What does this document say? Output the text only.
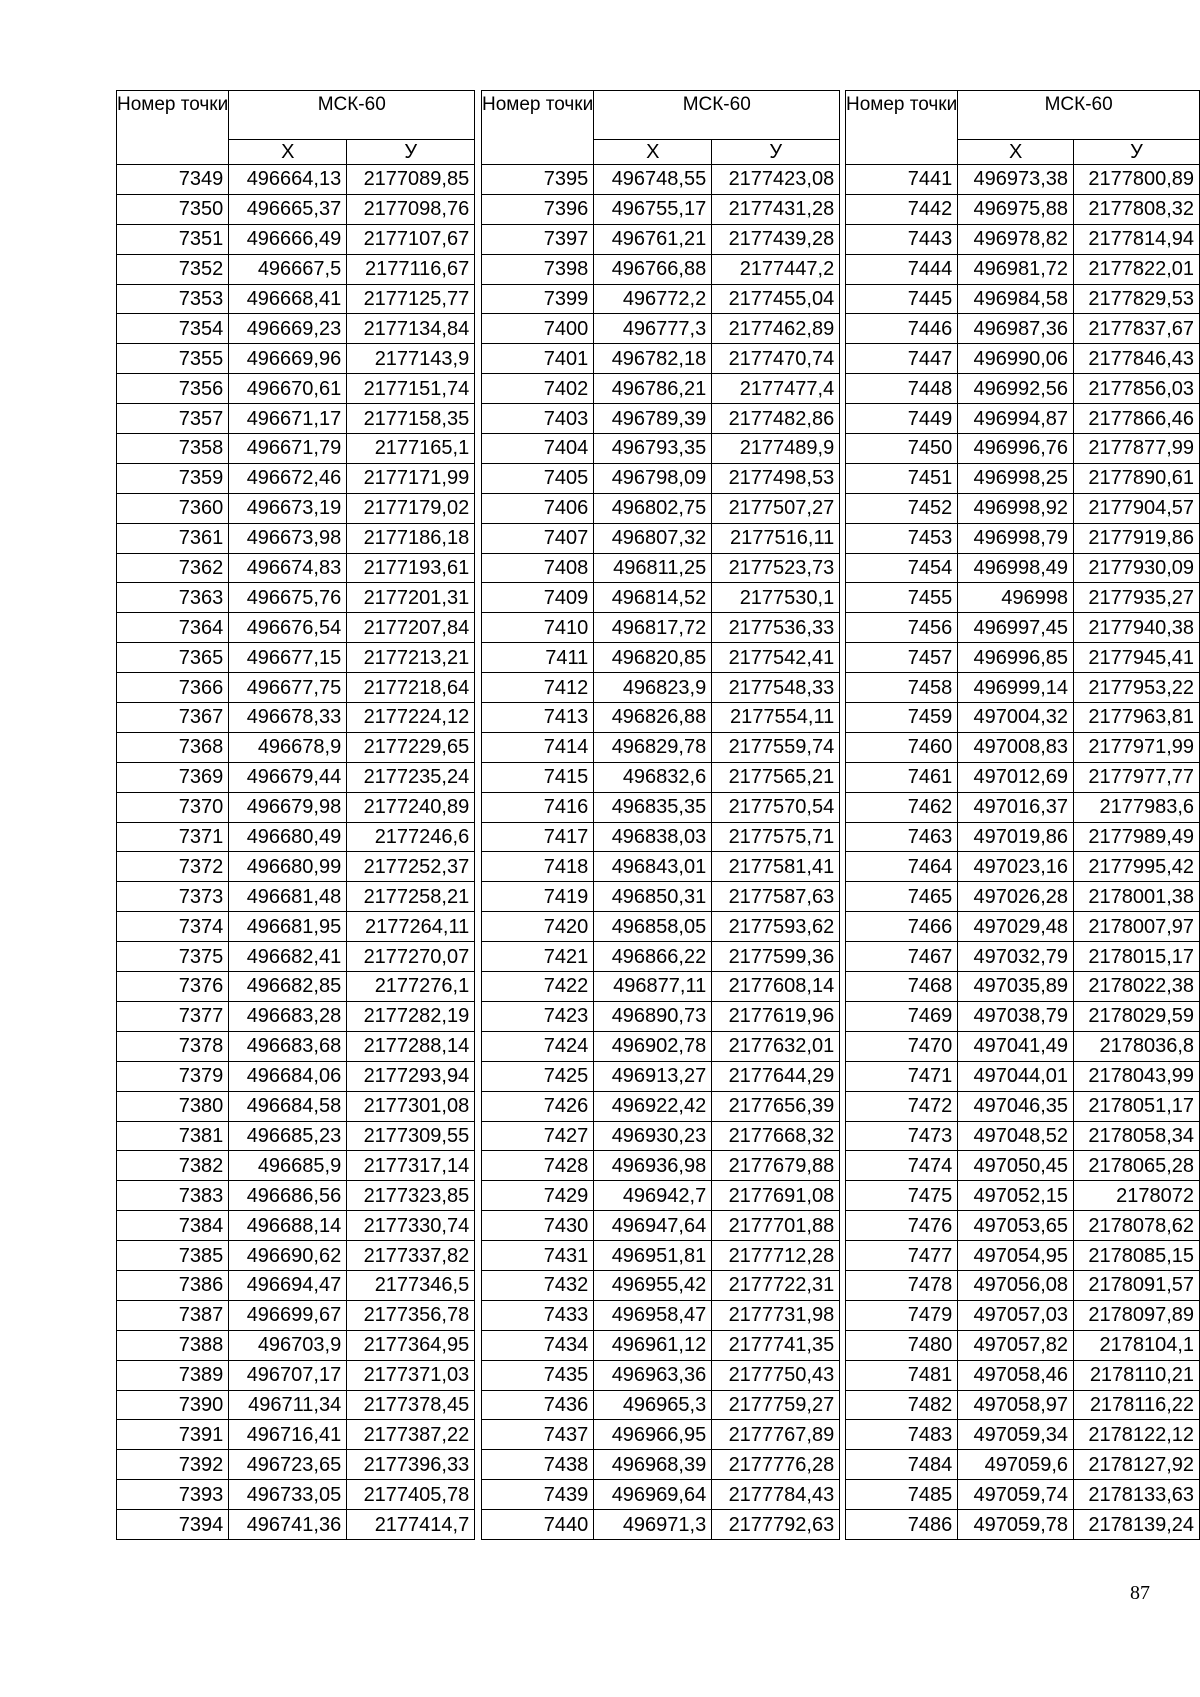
Номер точки	МСК-60	
	X	У
7349	496664,13	2177089,85
7350	496665,37	2177098,76
7351	496666,49	2177107,67
7352	496667,5	2177116,67
7353	496668,41	2177125,77
7354	496669,23	2177134,84
7355	496669,96	2177143,9
7356	496670,61	2177151,74
7357	496671,17	2177158,35
7358	496671,79	2177165,1
7359	496672,46	2177171,99
7360	496673,19	2177179,02
7361	496673,98	2177186,18
7362	496674,83	2177193,61
7363	496675,76	2177201,31
7364	496676,54	2177207,84
7365	496677,15	2177213,21
7366	496677,75	2177218,64
7367	496678,33	2177224,12
7368	496678,9	2177229,65
7369	496679,44	2177235,24
7370	496679,98	2177240,89
7371	496680,49	2177246,6
7372	496680,99	2177252,37
7373	496681,48	2177258,21
7374	496681,95	2177264,11
7375	496682,41	2177270,07
7376	496682,85	2177276,1
7377	496683,28	2177282,19
7378	496683,68	2177288,14
7379	496684,06	2177293,94
7380	496684,58	2177301,08
7381	496685,23	2177309,55
7382	496685,9	2177317,14
7383	496686,56	2177323,85
7384	496688,14	2177330,74
7385	496690,62	2177337,82
7386	496694,47	2177346,5
7387	496699,67	2177356,78
7388	496703,9	2177364,95
7389	496707,17	2177371,03
7390	496711,34	2177378,45
7391	496716,41	2177387,22
7392	496723,65	2177396,33
7393	496733,05	2177405,78
7394	496741,36	2177414,7
Номер точки	МСК-60	
	X	У
7395	496748,55	2177423,08
7396	496755,17	2177431,28
7397	496761,21	2177439,28
7398	496766,88	2177447,2
7399	496772,2	2177455,04
7400	496777,3	2177462,89
7401	496782,18	2177470,74
7402	496786,21	2177477,4
7403	496789,39	2177482,86
7404	496793,35	2177489,9
7405	496798,09	2177498,53
7406	496802,75	2177507,27
7407	496807,32	2177516,11
7408	496811,25	2177523,73
7409	496814,52	2177530,1
7410	496817,72	2177536,33
7411	496820,85	2177542,41
7412	496823,9	2177548,33
7413	496826,88	2177554,11
7414	496829,78	2177559,74
7415	496832,6	2177565,21
7416	496835,35	2177570,54
7417	496838,03	2177575,71
7418	496843,01	2177581,41
7419	496850,31	2177587,63
7420	496858,05	2177593,62
7421	496866,22	2177599,36
7422	496877,11	2177608,14
7423	496890,73	2177619,96
7424	496902,78	2177632,01
7425	496913,27	2177644,29
7426	496922,42	2177656,39
7427	496930,23	2177668,32
7428	496936,98	2177679,88
7429	496942,7	2177691,08
7430	496947,64	2177701,88
7431	496951,81	2177712,28
7432	496955,42	2177722,31
7433	496958,47	2177731,98
7434	496961,12	2177741,35
7435	496963,36	2177750,43
7436	496965,3	2177759,27
7437	496966,95	2177767,89
7438	496968,39	2177776,28
7439	496969,64	2177784,43
7440	496971,3	2177792,63
Номер точки	МСК-60	
	X	У
7441	496973,38	2177800,89
7442	496975,88	2177808,32
7443	496978,82	2177814,94
7444	496981,72	2177822,01
7445	496984,58	2177829,53
7446	496987,36	2177837,67
7447	496990,06	2177846,43
7448	496992,56	2177856,03
7449	496994,87	2177866,46
7450	496996,76	2177877,99
7451	496998,25	2177890,61
7452	496998,92	2177904,57
7453	496998,79	2177919,86
7454	496998,49	2177930,09
7455	496998	2177935,27
7456	496997,45	2177940,38
7457	496996,85	2177945,41
7458	496999,14	2177953,22
7459	497004,32	2177963,81
7460	497008,83	2177971,99
7461	497012,69	2177977,77
7462	497016,37	2177983,6
7463	497019,86	2177989,49
7464	497023,16	2177995,42
7465	497026,28	2178001,38
7466	497029,48	2178007,97
7467	497032,79	2178015,17
7468	497035,89	2178022,38
7469	497038,79	2178029,59
7470	497041,49	2178036,8
7471	497044,01	2178043,99
7472	497046,35	2178051,17
7473	497048,52	2178058,34
7474	497050,45	2178065,28
7475	497052,15	2178072
7476	497053,65	2178078,62
7477	497054,95	2178085,15
7478	497056,08	2178091,57
7479	497057,03	2178097,89
7480	497057,82	2178104,1
7481	497058,46	2178110,21
7482	497058,97	2178116,22
7483	497059,34	2178122,12
7484	497059,6	2178127,92
7485	497059,74	2178133,63
7486	497059,78	2178139,24
87
